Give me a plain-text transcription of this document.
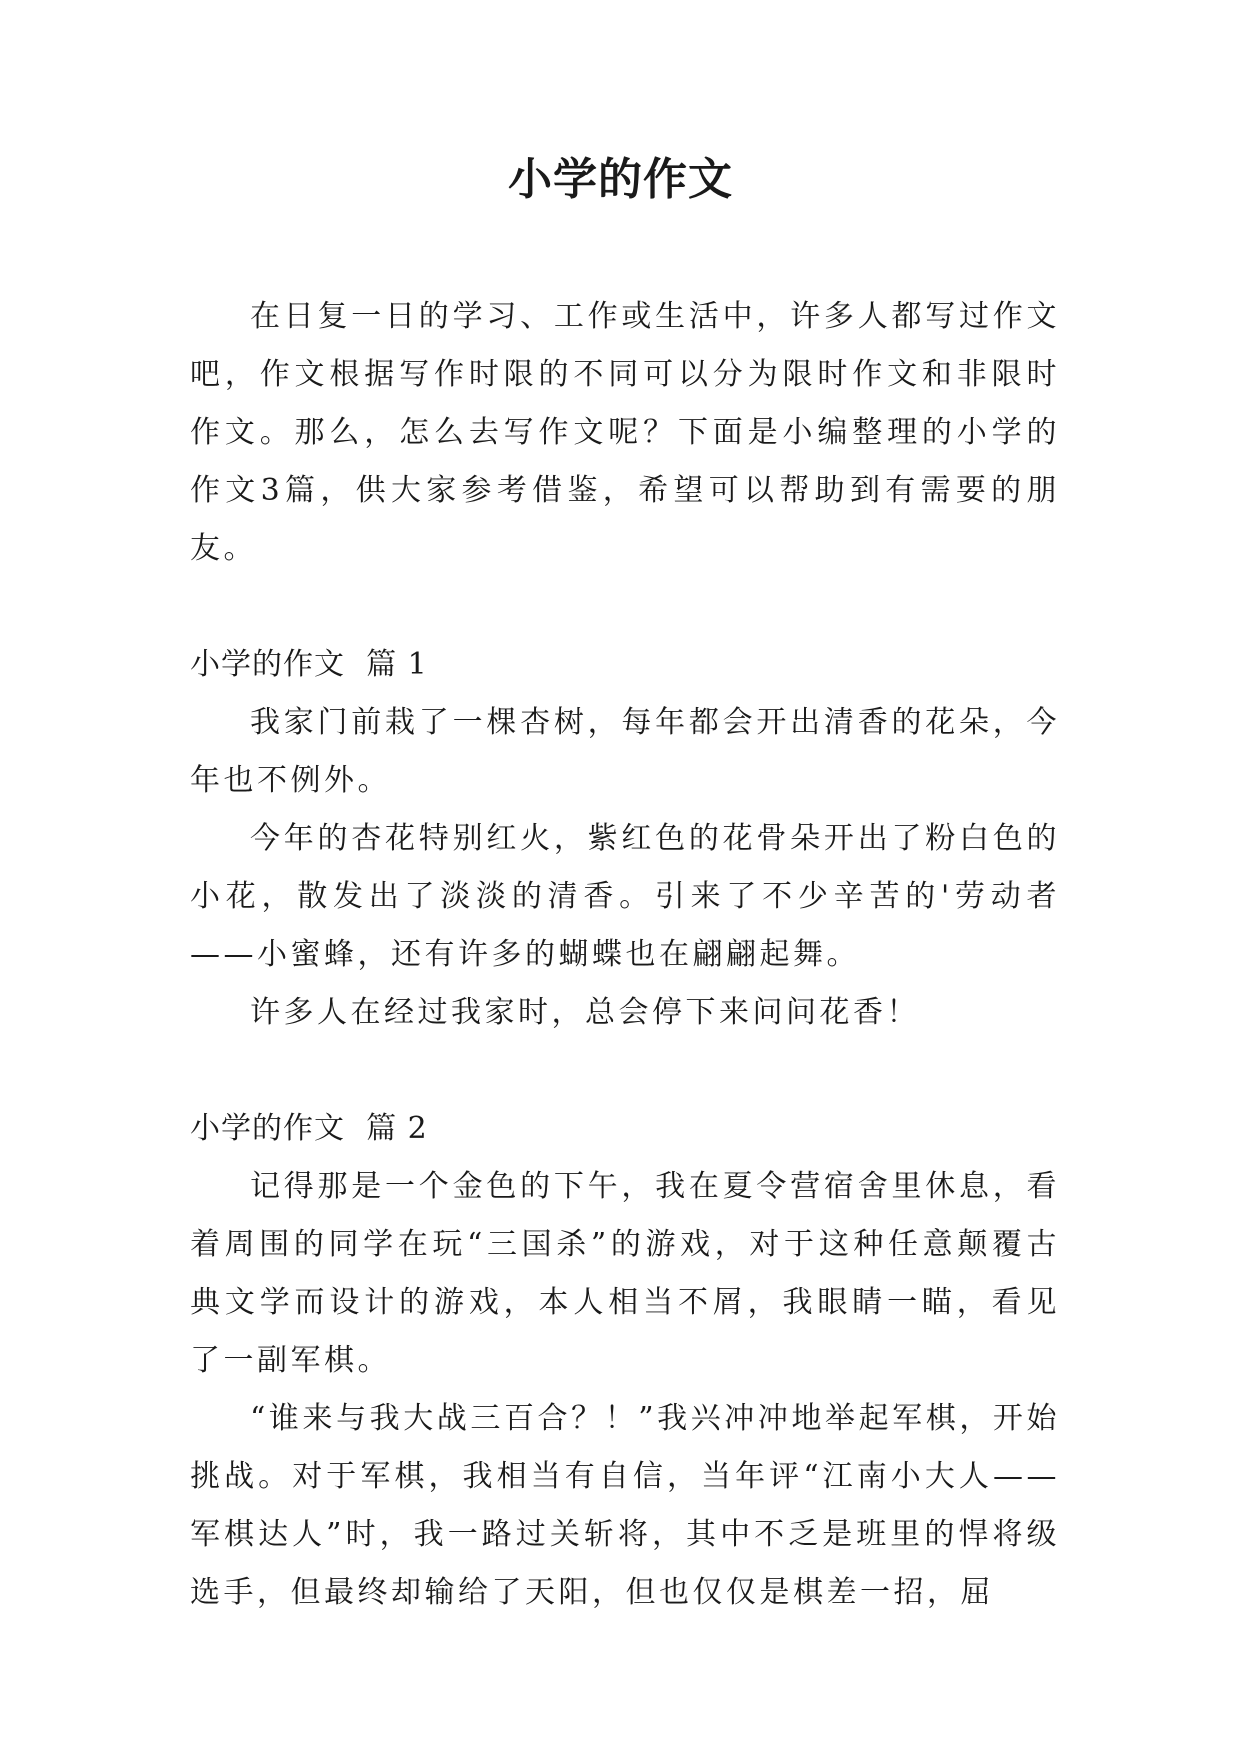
小学的作文

在日复一日的学习、工作或生活中，许多人都写过作文吧，作文根据写作时限的不同可以分为限时作文和非限时作文。那么，怎么去写作文呢？下面是小编整理的小学的作文3篇，供大家参考借鉴，希望可以帮助到有需要的朋友。

小学的作文  篇 1

我家门前栽了一棵杏树，每年都会开出清香的花朵，今年也不例外。

今年的杏花特别红火，紫红色的花骨朵开出了粉白色的小花，散发出了淡淡的清香。引来了不少辛苦的'劳动者——小蜜蜂，还有许多的蝴蝶也在翩翩起舞。

许多人在经过我家时，总会停下来问问花香！

小学的作文  篇 2

记得那是一个金色的下午，我在夏令营宿舍里休息，看着周围的同学在玩“三国杀”的游戏，对于这种任意颠覆古典文学而设计的游戏，本人相当不屑，我眼睛一瞄，看见了一副军棋。

“谁来与我大战三百合？！”我兴冲冲地举起军棋，开始挑战。对于军棋，我相当有自信，当年评“江南小大人——军棋达人”时，我一路过关斩将，其中不乏是班里的悍将级选手，但最终却输给了天阳，但也仅仅是棋差一招，屈
